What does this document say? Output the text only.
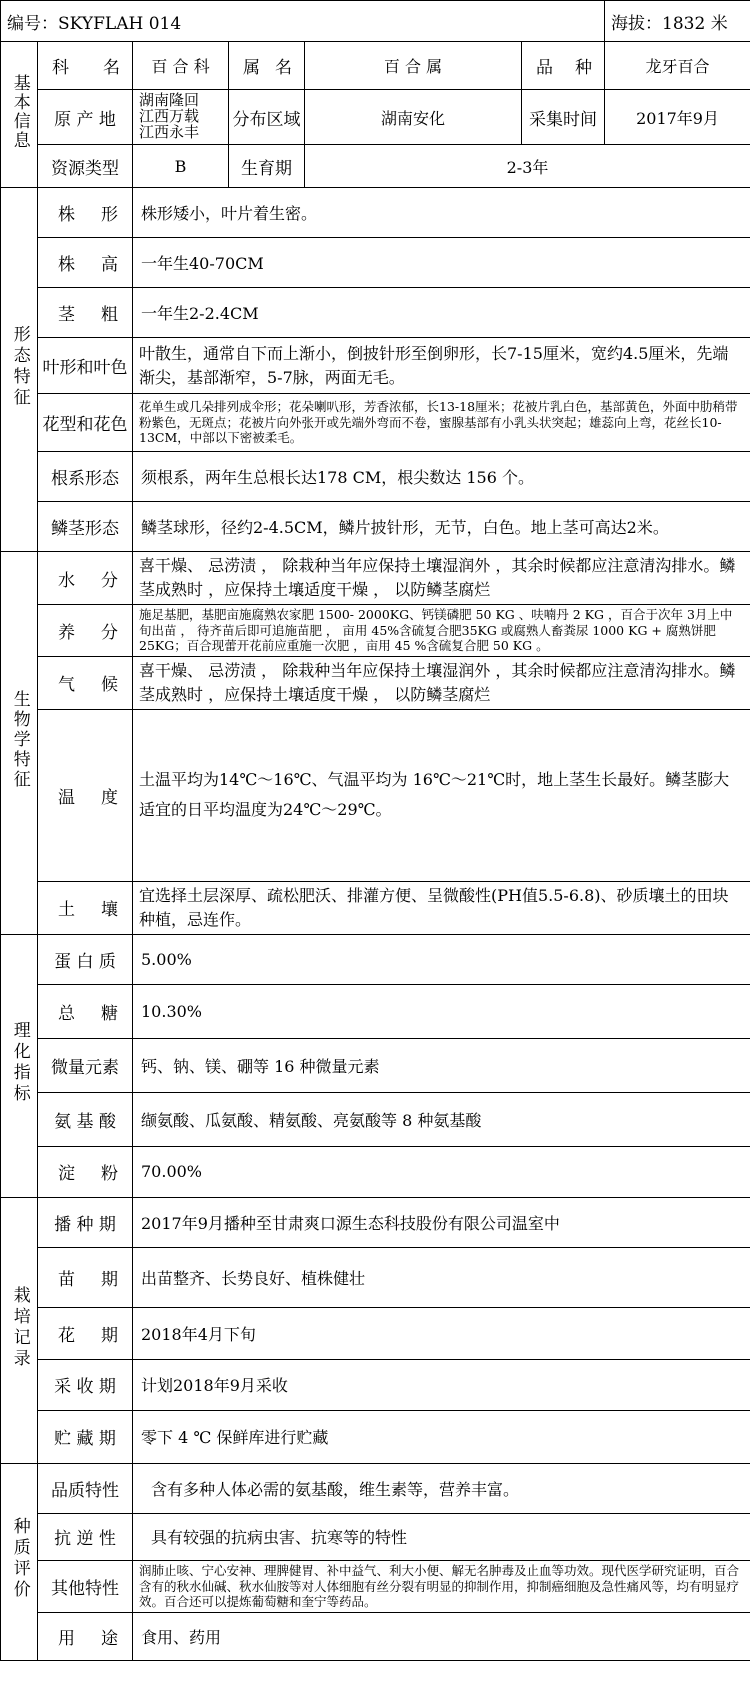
编号：SKYFLAH 014						海拔：1832 米
基本信息	科 名	百 合 科	属 名	百 合 属	品 种	龙牙百合
	原 产 地	湖南隆回
江西万载
江西永丰	分布区域	湖南安化	采集时间	2017年9月
	资源类型	B	生育期	2-3年		
形态特征	株 形	株形矮小，叶片着生密。				

	株 高	一年生40-70CM				

	茎 粗	一年生2-2.4CM				
	叶形和叶色	叶散生，通常自下而上渐小，倒披针形至倒卵形，长7-15厘米，宽约4.5厘米，先端渐尖，基部渐窄，5-7脉，两面无毛。				
	花型和花色	花单生或几朵排列成伞形；花朵喇叭形，芳香浓郁，长13-18厘米；花被片乳白色，基部黄色，外面中肋稍带粉紫色，无斑点；花被片向外张开或先端外弯而不卷，蜜腺基部有小乳头状突起；雄蕊向上弯，花丝长10-13CM，中部以下密被柔毛。				
	根系形态	须根系，两年生总根长达178 CM，根尖数达 156 个。				
	鳞茎形态	鳞茎球形，径约2-4.5CM，鳞片披针形，无节，白色。地上茎可高达2米。				
生物学特征	水 分	喜干燥、 忌涝渍 ， 除栽种当年应保持土壤湿润外 ，其余时候都应注意清沟排水。鳞茎成熟时 ，应保持土壤适度干燥 ， 以防鳞茎腐烂				

	养 分	施足基肥，基肥亩施腐熟农家肥 1500- 2000KG、钙镁磷肥 50 KG 、呋喃丹 2 KG ，百合于次年 3月上中旬出苗 ， 待齐苗后即可追施苗肥 ， 亩用 45%含硫复合肥35KG 或腐熟人畜粪尿 1000 KG + 腐熟饼肥 25KG；百合现蕾开花前应重施一次肥 ，亩用 45 %含硫复合肥 50 KG 。				

	气 候	喜干燥、 忌涝渍 ， 除栽种当年应保持土壤湿润外 ，其余时候都应注意清沟排水。鳞茎成熟时 ，应保持土壤适度干燥 ， 以防鳞茎腐烂				

	温 度	土温平均为14℃～16℃、气温平均为 16℃～21℃时，地上茎生长最好。鳞茎膨大适宜的日平均温度为24℃～29℃。				

	土 壤	宜选择土层深厚、疏松肥沃、排灌方便、呈微酸性(PH值5.5-6.8)、砂质壤土的田块种植，忌连作。				
理化指标	蛋 白 质	5.00%				

	总 糖	10.30%				
	微量元素	钙、钠、镁、硼等 16 种微量元素				
	氨 基 酸	缬氨酸、瓜氨酸、精氨酸、亮氨酸等 8 种氨基酸				

	淀 粉	70.00%				
栽培记录	播 种 期	2017年9月播种至甘肃爽口源生态科技股份有限公司温室中				

	苗 期	出苗整齐、长势良好、植株健壮				

	花 期	2018年4月下旬				
	采 收 期	计划2018年9月采收				
	贮 藏 期	零下 4 ℃ 保鲜库进行贮藏				
种质评价	品质特性	含有多种人体必需的氨基酸，维生素等，营养丰富。				
	抗 逆 性	具有较强的抗病虫害、抗寒等的特性				
	其他特性	润肺止咳、宁心安神、理脾健胃、补中益气、利大小便、解无名肿毒及止血等功效。现代医学研究证明，百合含有的秋水仙碱、秋水仙胺等对人体细胞有丝分裂有明显的抑制作用，抑制癌细胞及急性痛风等，均有明显疗效。百合还可以提炼葡萄糖和奎宁等药品。				

	用 途	食用、药用				
